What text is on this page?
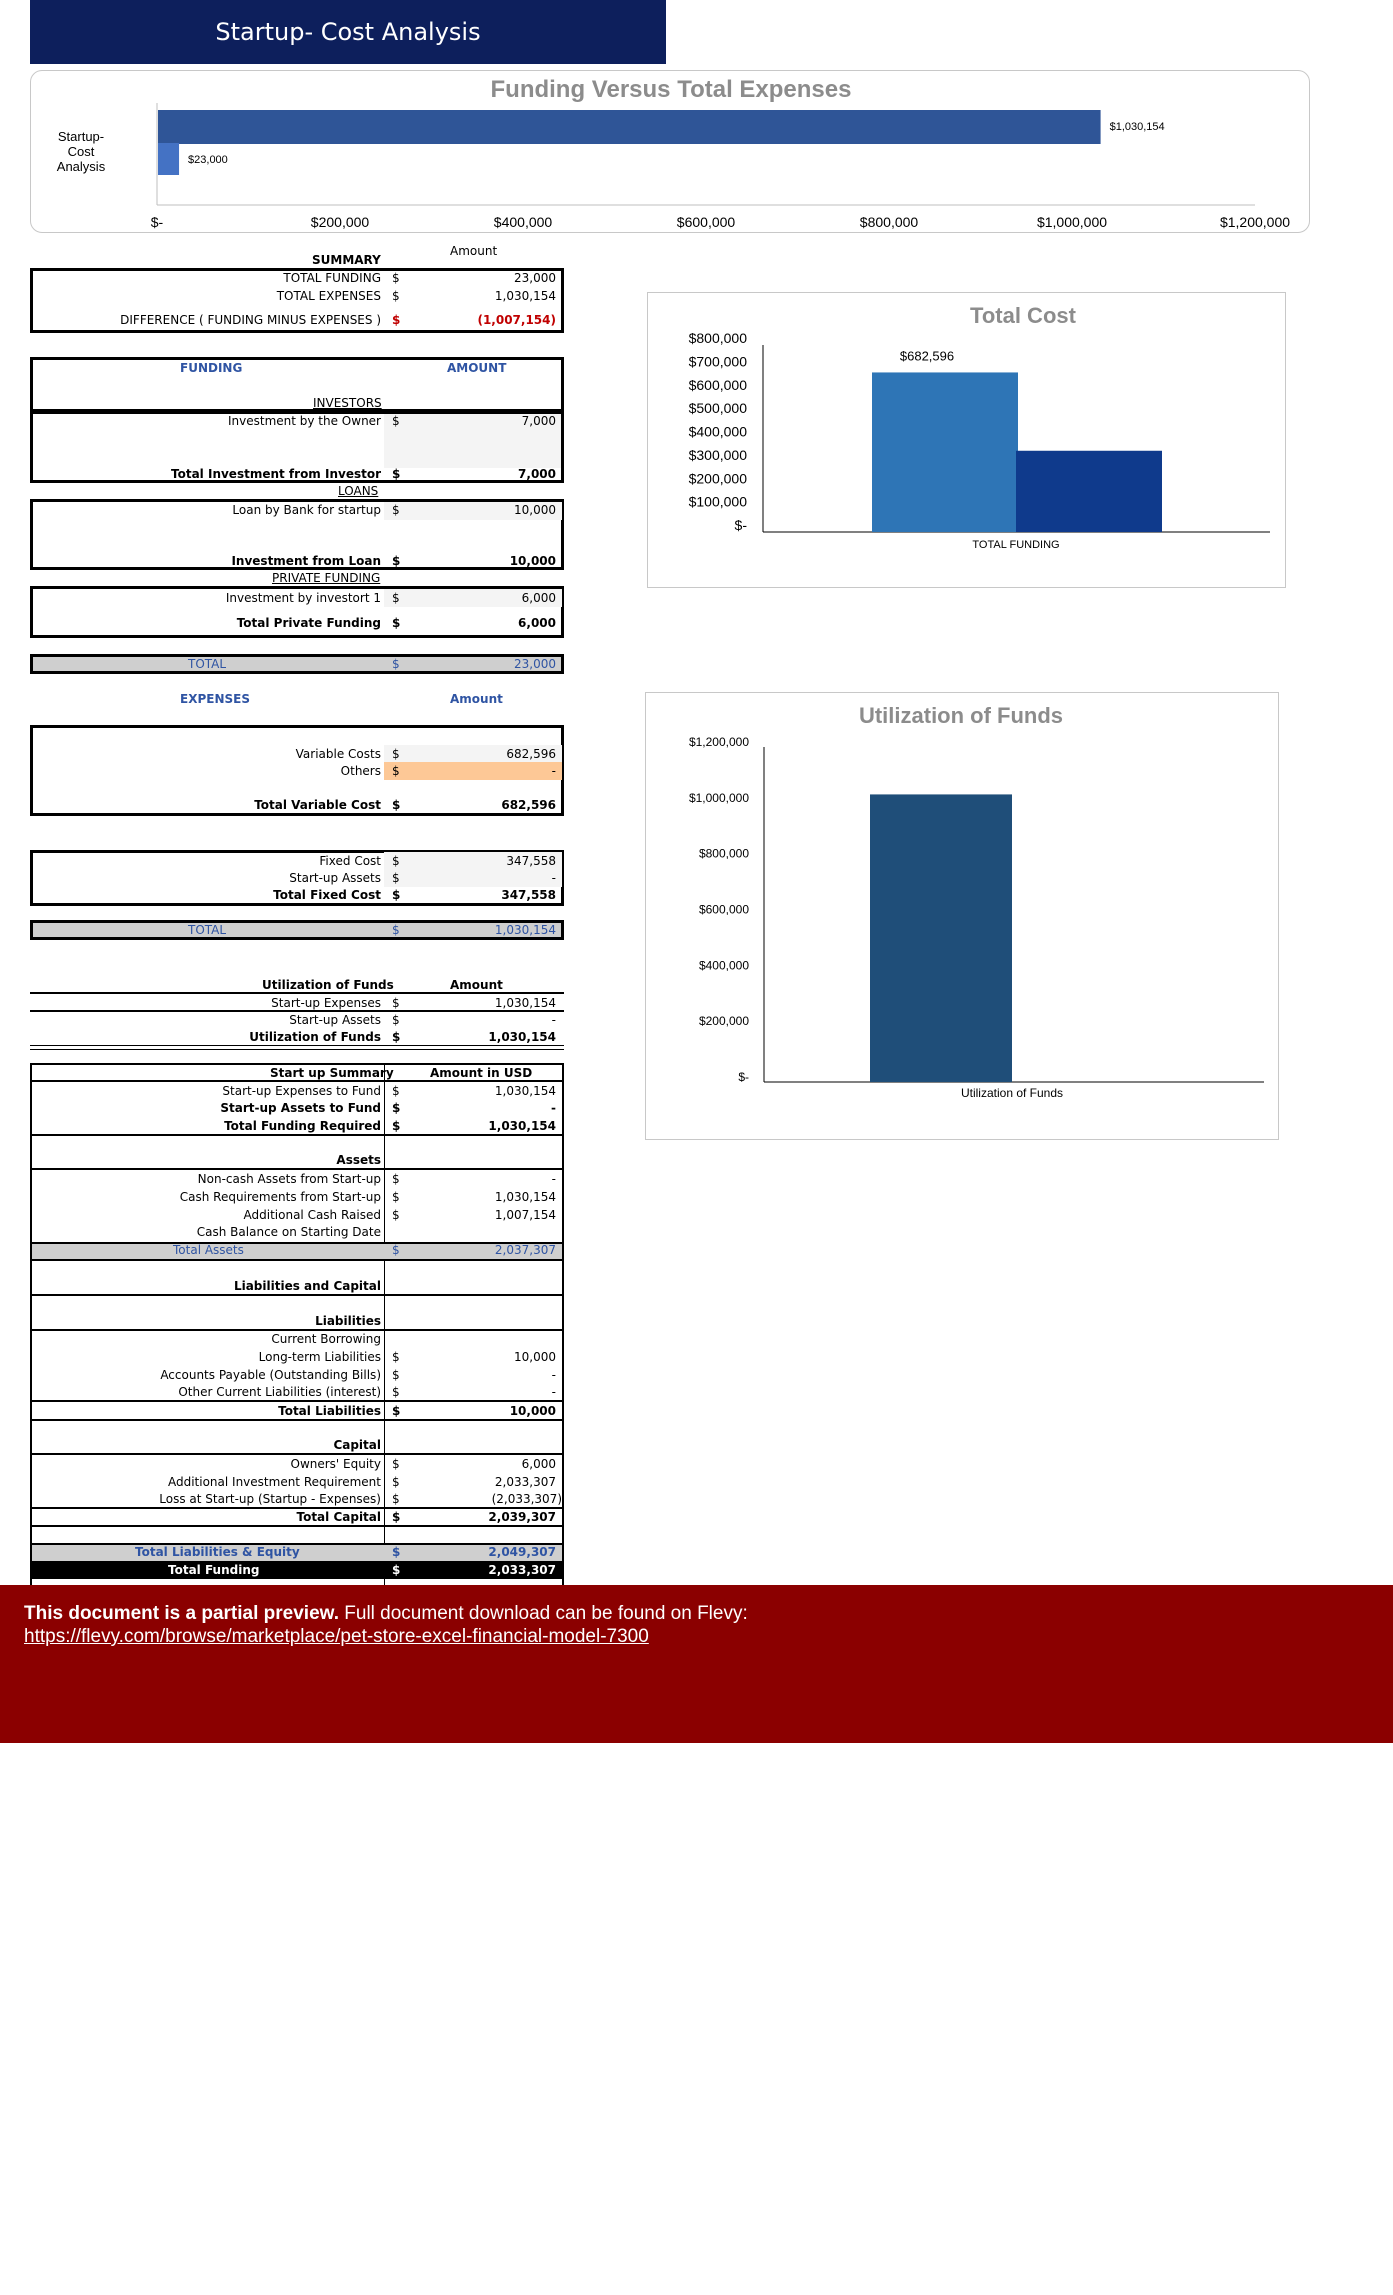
Startup- Cost Analysis
Funding Versus Total Expenses
$-	$200,000	$400,000	$600,000	$800,000	$1,000,000	$1,200,000
$1,030,154
$23,000
Startup- Cost Analysis
Total Cost
$800,000
$700,000
$600,000
$500,000
$400,000
$300,000
$200,000
$100,000
$-
$682,596
TOTAL FUNDING
Utilization of Funds
$1,200,000
$1,000,000
$800,000
$600,000
$400,000
$200,000
$-
Utilization of Funds
Amount
SUMMARY
TOTAL FUNDING $	23,000
TOTAL EXPENSES $	1,030,154
DIFFERENCE ( FUNDING MINUS EXPENSES ) $	(1,007,154)
FUNDING	AMOUNT
INVESTORS
Investment by the Owner $	7,000
Total Investment from Investor $	7,000
LOANS
Loan by Bank for startup $	10,000
Investment from Loan $	10,000
PRIVATE FUNDING
Investment by investort 1 $	6,000
Total Private Funding $	6,000
TOTAL	$	23,000
EXPENSES	Amount
Variable Costs $	682,596
Others $	-
Total Variable Cost $	682,596
Fixed Cost $	347,558
Start-up Assets $	-
Total Fixed Cost $	347,558
TOTAL	$	1,030,154
Utilization of Funds	Amount
Start-up Expenses $	1,030,154
Start-up Assets $	-
Utilization of Funds $	1,030,154
Start up Summary	Amount in USD
Start-up Expenses to Fund $	1,030,154
Start-up Assets to Fund $	-
Total Funding Required $	1,030,154
Assets
Non-cash Assets from Start-up $	-
Cash Requirements from Start-up $	1,030,154
Additional Cash Raised $	1,007,154
Cash Balance on Starting Date
Total Assets	$	2,037,307
Liabilities and Capital
Liabilities
Current Borrowing
Long-term Liabilities $	10,000
Accounts Payable (Outstanding Bills) $	-
Other Current Liabilities (interest) $	-
Total Liabilities $	10,000
Capital
Owners' Equity $	6,000
Additional Investment Requirement $	2,033,307
Loss at Start-up (Startup - Expenses) $	(2,033,307)
Total Capital $	2,039,307
Total Liabilities & Equity	$	2,049,307
Total Funding	$	2,033,307
This document is a partial preview. Full document download can be found on Flevy:
https://flevy.com/browse/marketplace/pet-store-excel-financial-model-7300
